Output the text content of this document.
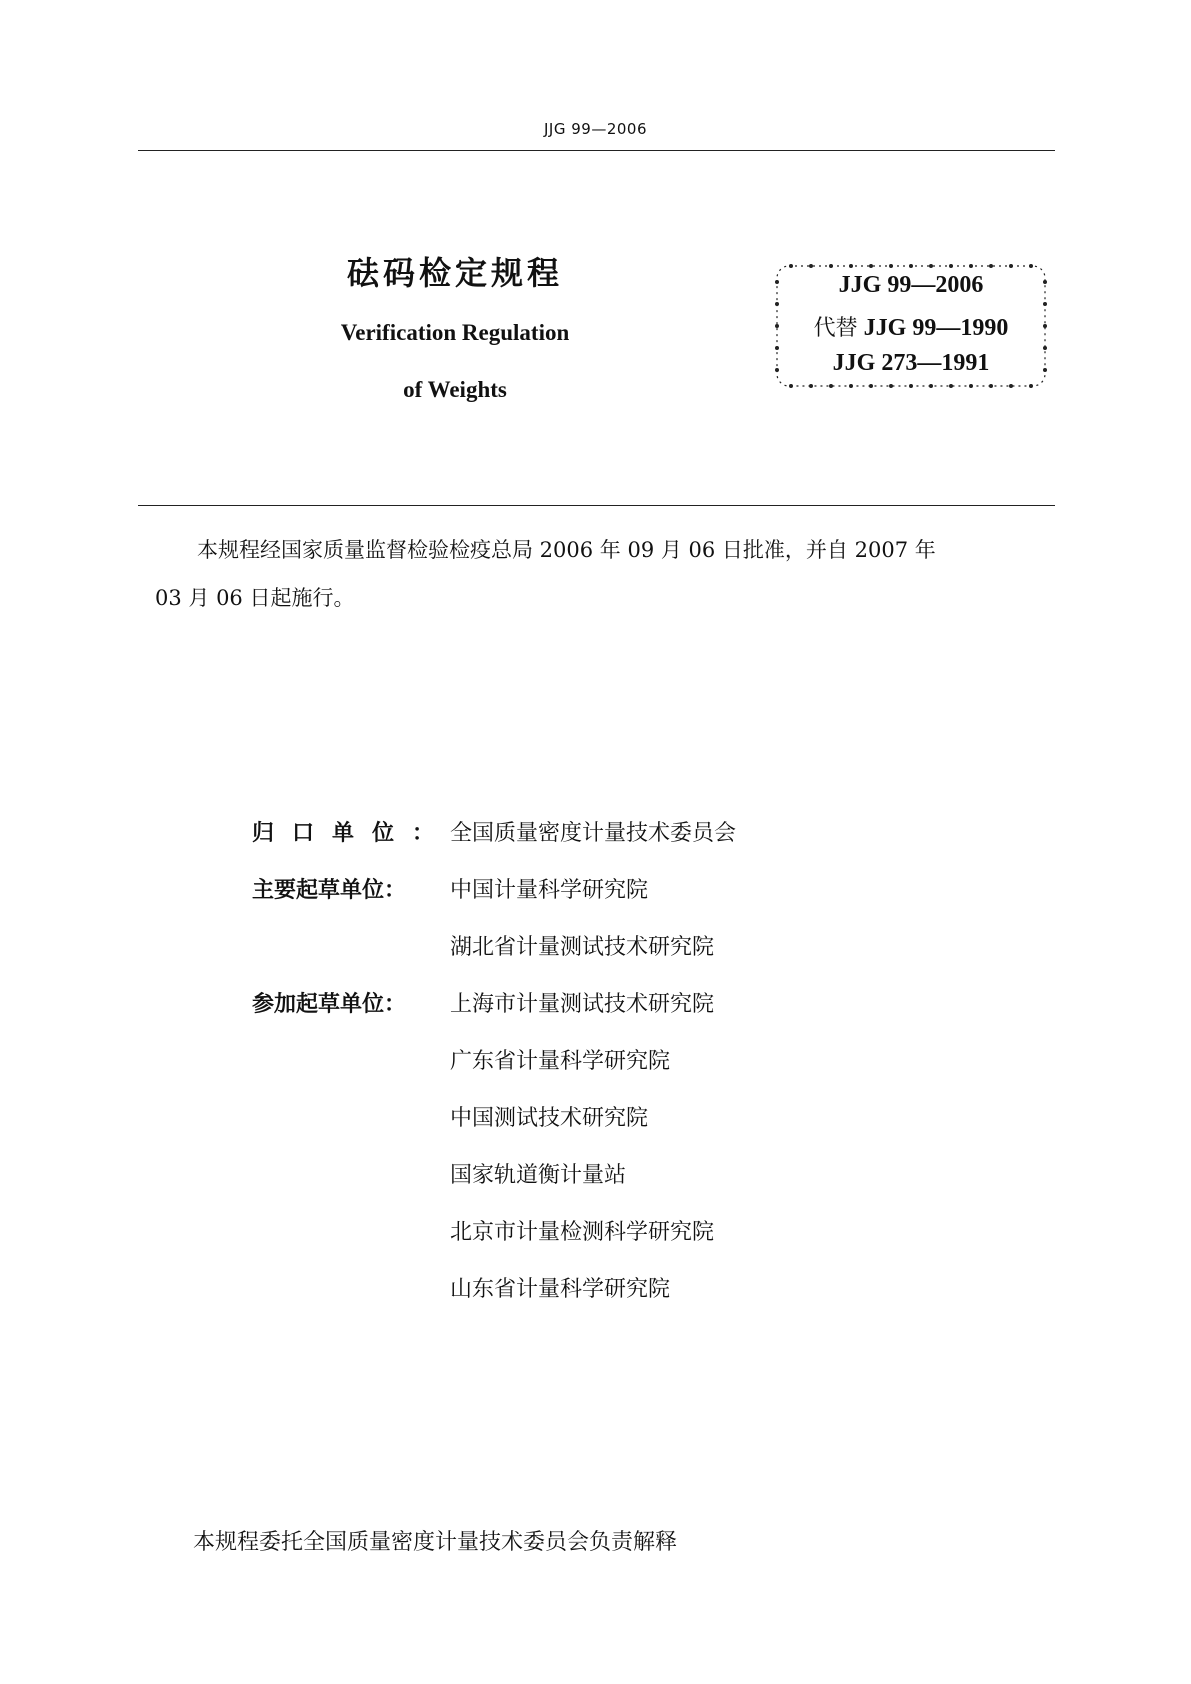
JJG 99—2006
砝码检定规程
Verification Regulation
of Weights
JJG 99—2006
代替 JJG 99—1990
JJG 273—1991
本规程经国家质量监督检验检疫总局 2006 年 09 月 06 日批准，并自 2007 年
03 月 06 日起施行。
归口单位：
全国质量密度计量技术委员会
主要起草单位：	中国计量科学研究院
湖北省计量测试技术研究院
参加起草单位：	上海市计量测试技术研究院
广东省计量科学研究院
中国测试技术研究院
国家轨道衡计量站
北京市计量检测科学研究院
山东省计量科学研究院
本规程委托全国质量密度计量技术委员会负责解释
